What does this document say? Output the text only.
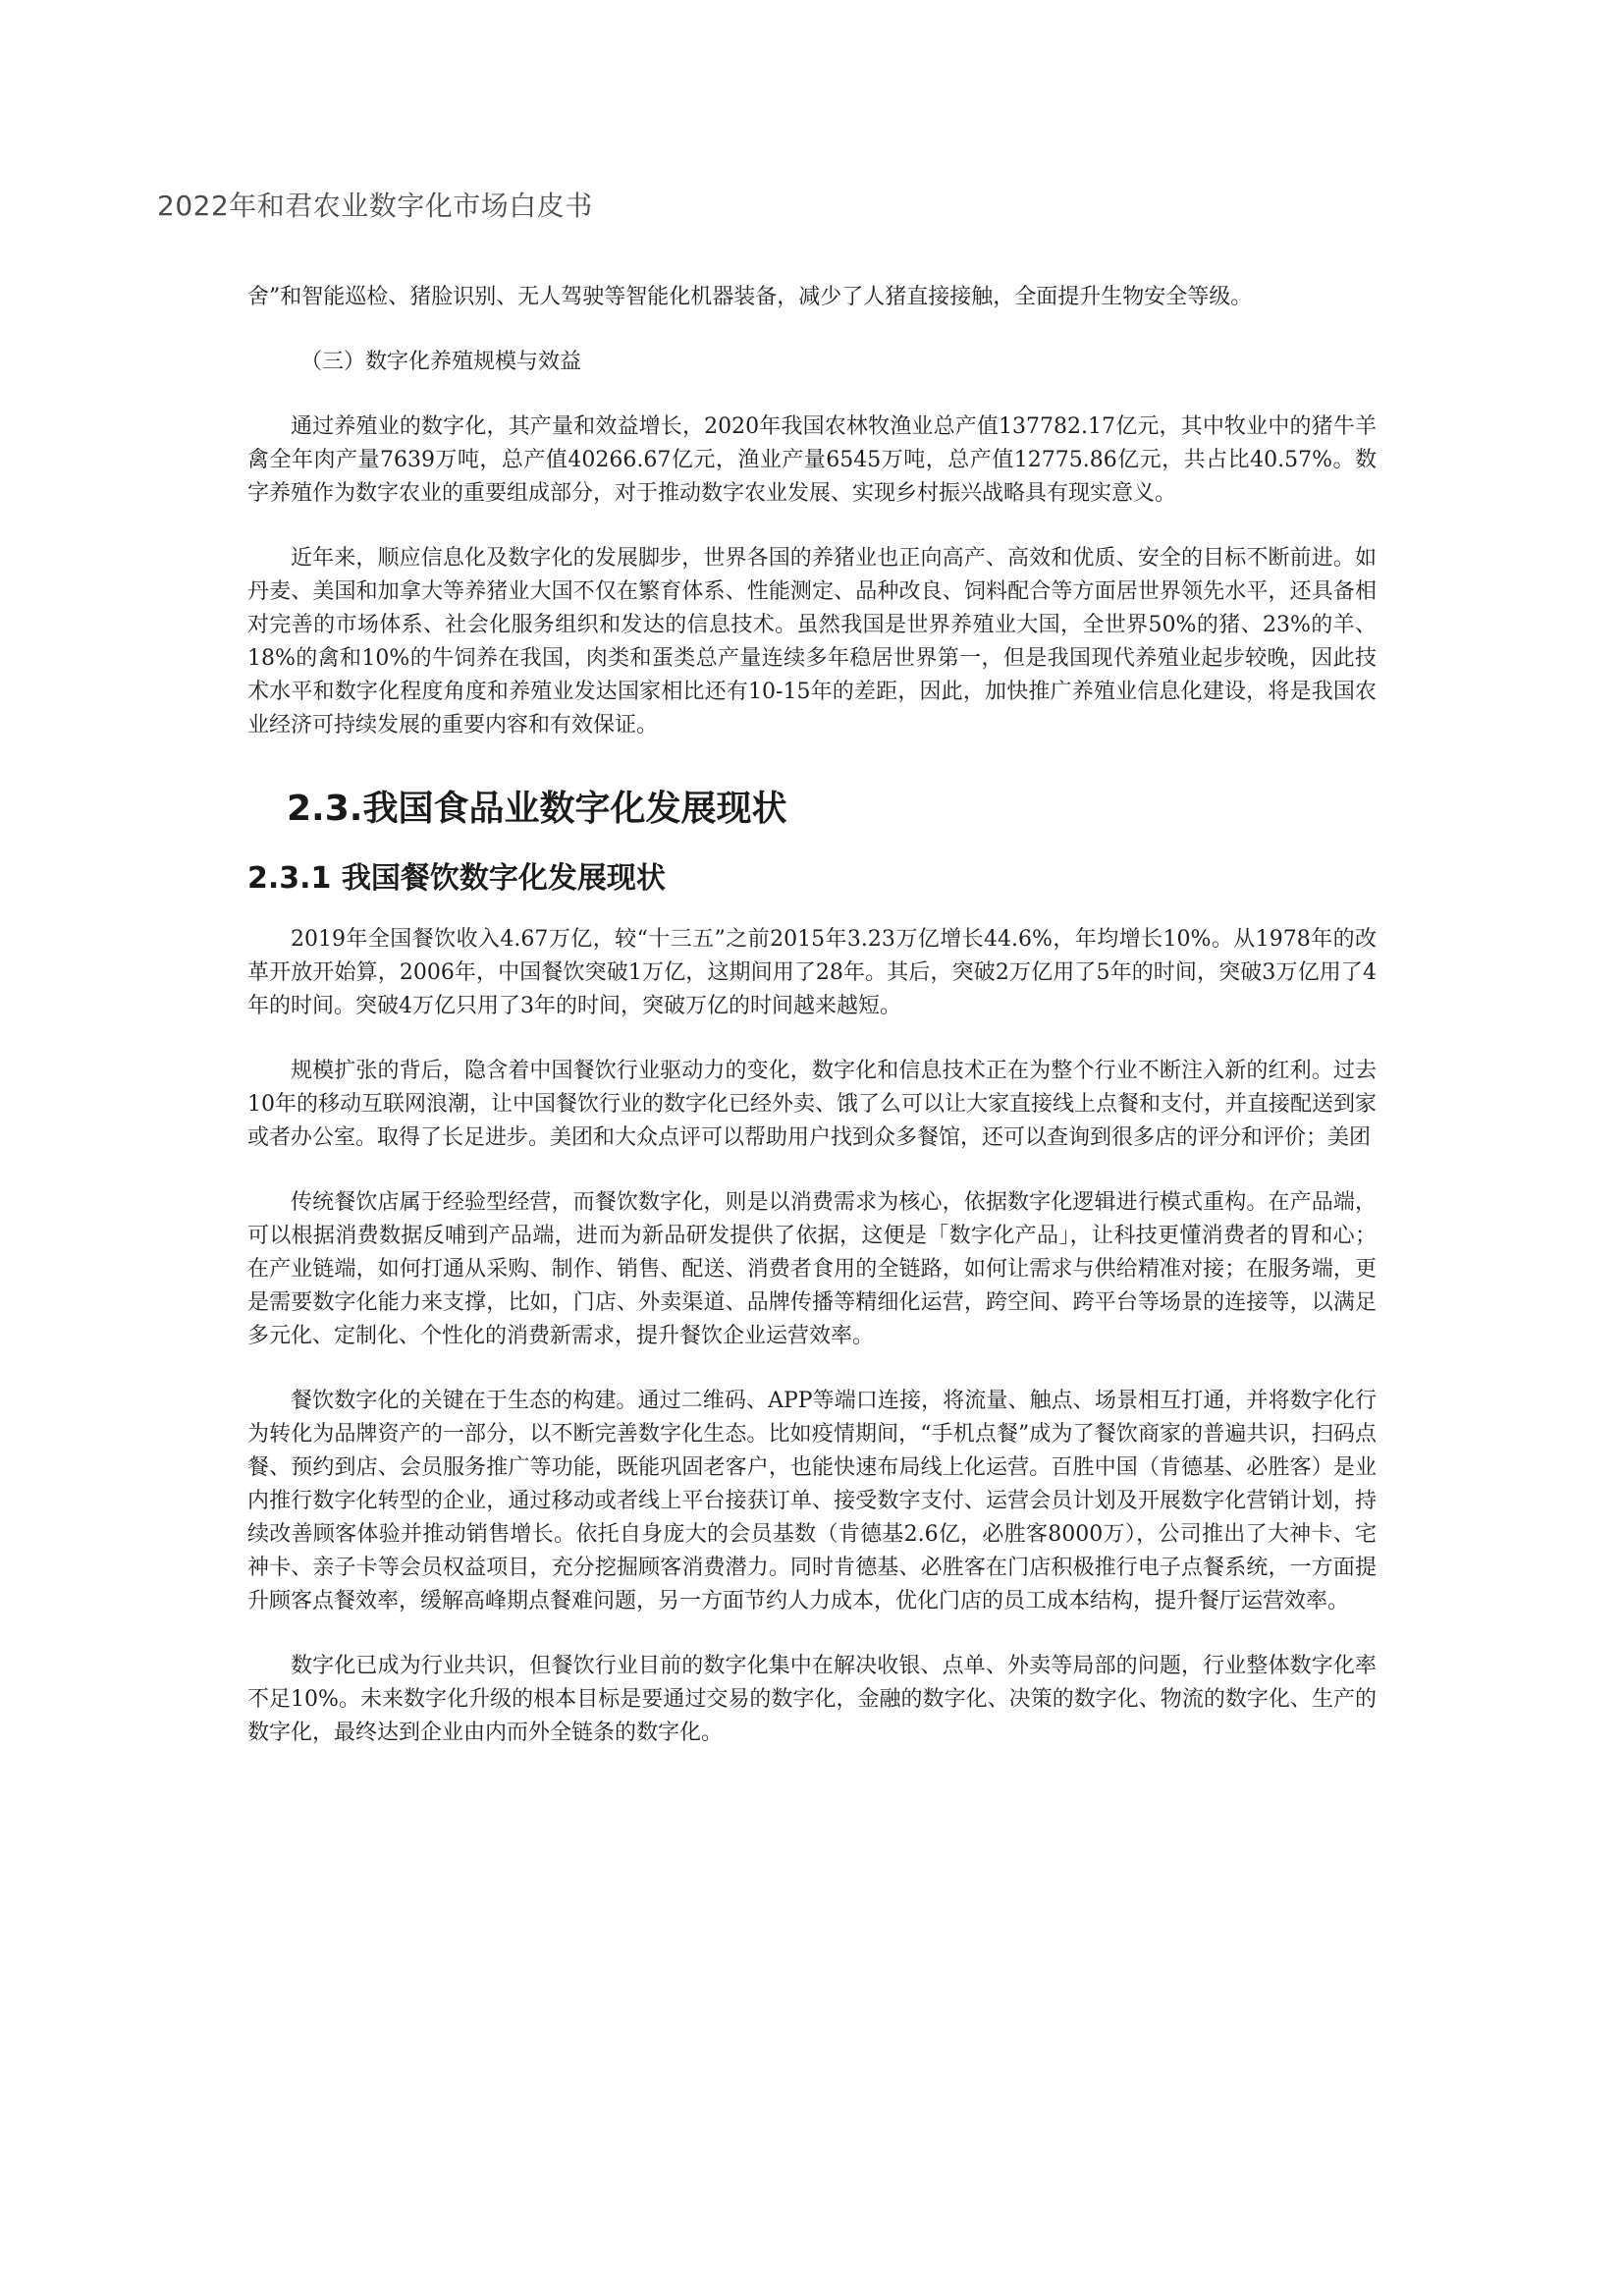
2022年和君农业数字化市场白皮书

舍”和智能巡检、猪脸识别、无人驾驶等智能化机器装备，减少了人猪直接接触，全面提升生物安全等级。

（三）数字化养殖规模与效益

通过养殖业的数字化，其产量和效益增长，2020年我国农林牧渔业总产值137782.17亿元，其中牧业中的猪牛羊禽全年肉产量7639万吨，总产值40266.67亿元，渔业产量6545万吨，总产值12775.86亿元，共占比40.57%。数字养殖作为数字农业的重要组成部分，对于推动数字农业发展、实现乡村振兴战略具有现实意义。

近年来，顺应信息化及数字化的发展脚步，世界各国的养猪业也正向高产、高效和优质、安全的目标不断前进。如丹麦、美国和加拿大等养猪业大国不仅在繁育体系、性能测定、品种改良、饲料配合等方面居世界领先水平，还具备相对完善的市场体系、社会化服务组织和发达的信息技术。虽然我国是世界养殖业大国，全世界50%的猪、23%的羊、18%的禽和10%的牛饲养在我国，肉类和蛋类总产量连续多年稳居世界第一，但是我国现代养殖业起步较晚，因此技术水平和数字化程度角度和养殖业发达国家相比还有10-15年的差距，因此，加快推广养殖业信息化建设，将是我国农业经济可持续发展的重要内容和有效保证。

2.3.我国食品业数字化发展现状
2.3.1 我国餐饮数字化发展现状

2019年全国餐饮收入4.67万亿，较“十三五”之前2015年3.23万亿增长44.6%，年均增长10%。从1978年的改革开放开始算，2006年，中国餐饮突破1万亿，这期间用了28年。其后，突破2万亿用了5年的时间，突破3万亿用了4年的时间。突破4万亿只用了3年的时间，突破万亿的时间越来越短。

规模扩张的背后，隐含着中国餐饮行业驱动力的变化，数字化和信息技术正在为整个行业不断注入新的红利。过去10年的移动互联网浪潮，让中国餐饮行业的数字化已经外卖、饿了么可以让大家直接线上点餐和支付，并直接配送到家或者办公室。取得了长足进步。美团和大众点评可以帮助用户找到众多餐馆，还可以查询到很多店的评分和评价；美团

传统餐饮店属于经验型经营，而餐饮数字化，则是以消费需求为核心，依据数字化逻辑进行模式重构。在产品端，可以根据消费数据反哺到产品端，进而为新品研发提供了依据，这便是「数字化产品」，让科技更懂消费者的胃和心；在产业链端，如何打通从采购、制作、销售、配送、消费者食用的全链路，如何让需求与供给精准对接；在服务端，更是需要数字化能力来支撑，比如，门店、外卖渠道、品牌传播等精细化运营，跨空间、跨平台等场景的连接等，以满足多元化、定制化、个性化的消费新需求，提升餐饮企业运营效率。

餐饮数字化的关键在于生态的构建。通过二维码、APP等端口连接，将流量、触点、场景相互打通，并将数字化行为转化为品牌资产的一部分，以不断完善数字化生态。比如疫情期间，“手机点餐”成为了餐饮商家的普遍共识，扫码点餐、预约到店、会员服务推广等功能，既能巩固老客户，也能快速布局线上化运营。百胜中国（肯德基、必胜客）是业内推行数字化转型的企业，通过移动或者线上平台接获订单、接受数字支付、运营会员计划及开展数字化营销计划，持续改善顾客体验并推动销售增长。依托自身庞大的会员基数（肯德基2.6亿，必胜客8000万），公司推出了大神卡、宅神卡、亲子卡等会员权益项目，充分挖掘顾客消费潜力。同时肯德基、必胜客在门店积极推行电子点餐系统，一方面提升顾客点餐效率，缓解高峰期点餐难问题，另一方面节约人力成本，优化门店的员工成本结构，提升餐厅运营效率。

数字化已成为行业共识，但餐饮行业目前的数字化集中在解决收银、点单、外卖等局部的问题，行业整体数字化率不足10%。未来数字化升级的根本目标是要通过交易的数字化，金融的数字化、决策的数字化、物流的数字化、生产的数字化，最终达到企业由内而外全链条的数字化。
